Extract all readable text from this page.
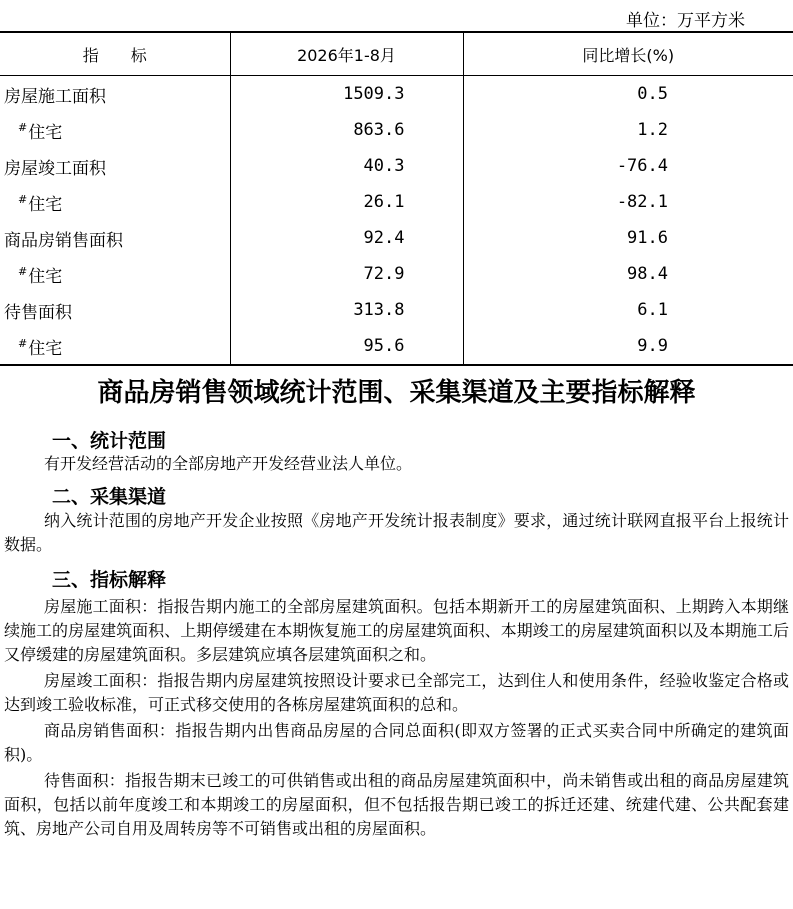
单位：万平方米
指　　标	2026年1-8月	同比增长(%)
房屋施工面积	1509.3	0.5
#住宅	863.6	1.2
房屋竣工面积	40.3	-76.4
#住宅	26.1	-82.1
商品房销售面积	92.4	91.6
#住宅	72.9	98.4
待售面积	313.8	6.1
#住宅	95.6	9.9
商品房销售领域统计范围、采集渠道及主要指标解释
一、统计范围

有开发经营活动的全部房地产开发经营业法人单位。

二、采集渠道

纳入统计范围的房地产开发企业按照《房地产开发统计报表制度》要求，通过统计联网直报平台上报统计数据。

三、指标解释

房屋施工面积：指报告期内施工的全部房屋建筑面积。包括本期新开工的房屋建筑面积、上期跨入本期继续施工的房屋建筑面积、上期停缓建在本期恢复施工的房屋建筑面积、本期竣工的房屋建筑面积以及本期施工后又停缓建的房屋建筑面积。多层建筑应填各层建筑面积之和。

房屋竣工面积：指报告期内房屋建筑按照设计要求已全部完工，达到住人和使用条件，经验收鉴定合格或达到竣工验收标准，可正式移交使用的各栋房屋建筑面积的总和。

商品房销售面积：指报告期内出售商品房屋的合同总面积(即双方签署的正式买卖合同中所确定的建筑面积)。

待售面积：指报告期末已竣工的可供销售或出租的商品房屋建筑面积中，尚未销售或出租的商品房屋建筑面积，包括以前年度竣工和本期竣工的房屋面积，但不包括报告期已竣工的拆迁还建、统建代建、公共配套建筑、房地产公司自用及周转房等不可销售或出租的房屋面积。
